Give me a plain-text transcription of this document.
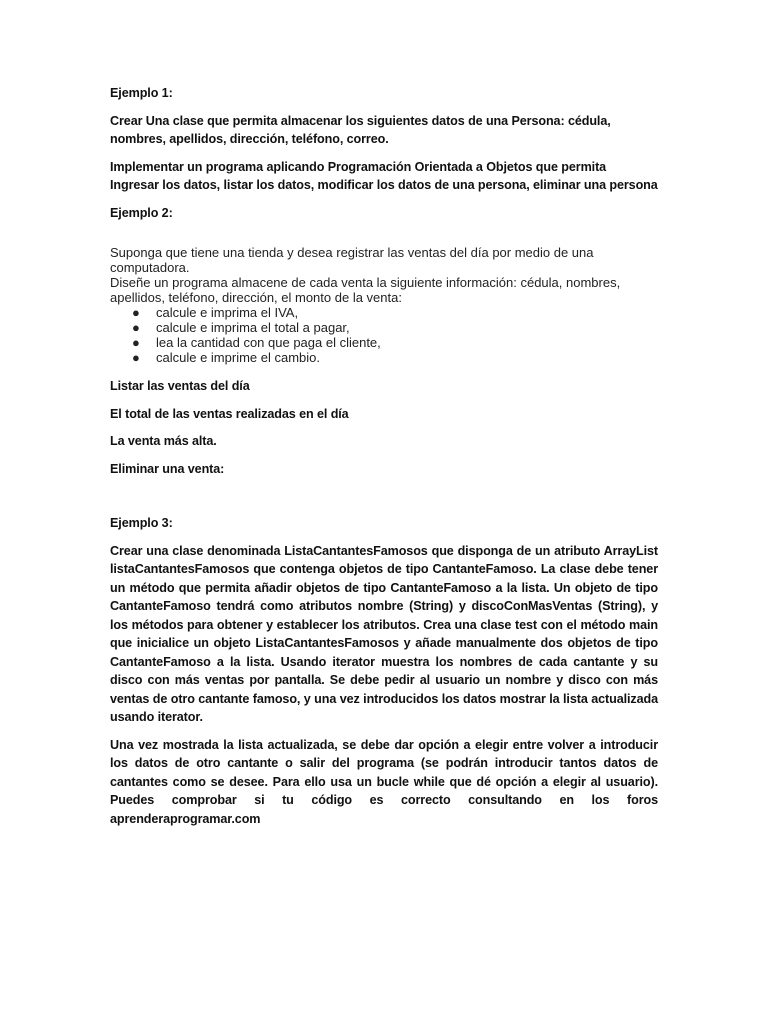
Ejemplo 1:

Crear Una clase que permita almacenar los siguientes datos de una Persona: cédula, nombres, apellidos, dirección, teléfono, correo.

Implementar un programa aplicando Programación Orientada a Objetos que permita Ingresar los datos, listar los datos, modificar los datos de una persona, eliminar una persona

Ejemplo 2:

Suponga que tiene una tienda y desea registrar las ventas del día por medio de una computadora.
Diseñe un programa almacene de cada venta la siguiente información: cédula, nombres, apellidos, teléfono, dirección, el monto de la venta:
● calcule e imprima el IVA,
● calcule e imprima el total a pagar,
● lea la cantidad con que paga el cliente,
● calcule e imprime el cambio.

Listar las ventas del día

El total de las ventas realizadas en el día

La venta más alta.

Eliminar una venta:

Ejemplo 3:

Crear una clase denominada ListaCantantesFamosos que disponga de un atributo ArrayList listaCantantesFamosos que contenga objetos de tipo CantanteFamoso. La clase debe tener un método que permita añadir objetos de tipo CantanteFamoso a la lista. Un objeto de tipo CantanteFamoso tendrá como atributos nombre (String) y discoConMasVentas (String), y los métodos para obtener y establecer los atributos. Crea una clase test con el método main que inicialice un objeto ListaCantantesFamosos y añade manualmente dos objetos de tipo CantanteFamoso a la lista. Usando iterator muestra los nombres de cada cantante y su disco con más ventas por pantalla. Se debe pedir al usuario un nombre y disco con más ventas de otro cantante famoso, y una vez introducidos los datos mostrar la lista actualizada usando iterator.

Una vez mostrada la lista actualizada, se debe dar opción a elegir entre volver a introducir los datos de otro cantante o salir del programa (se podrán introducir tantos datos de cantantes como se desee. Para ello usa un bucle while que dé opción a elegir al usuario). Puedes comprobar si tu código es correcto consultando en los foros aprenderaprogramar.com
